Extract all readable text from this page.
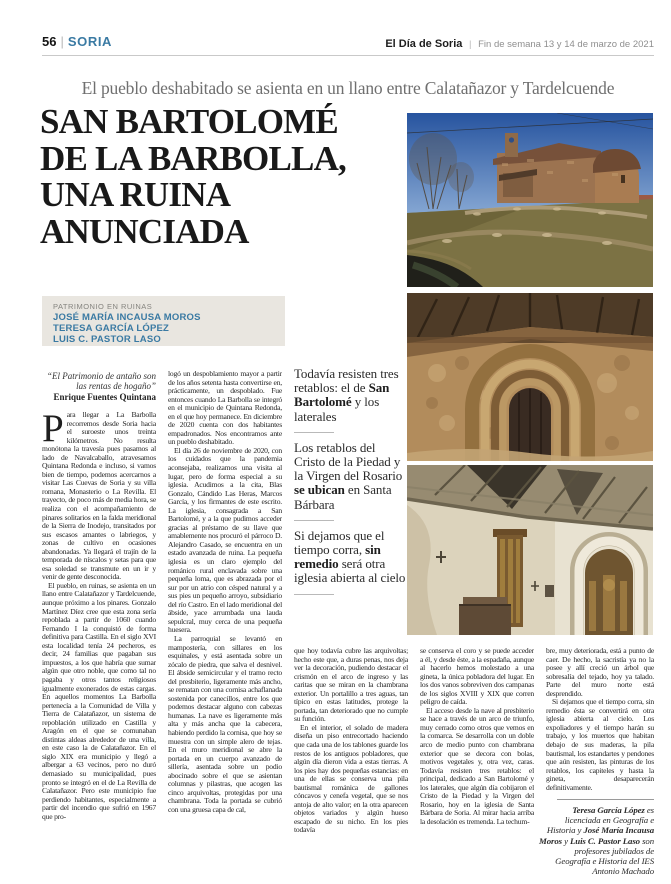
56 | SORIA	El Día de Soria | Fin de semana 13 y 14 de marzo de 2021
El pueblo deshabitado se asienta en un llano entre Calatañazor y Tardelcuende
SAN BARTOLOMÉ
DE LA BARBOLLA,
UNA RUINA
ANUNCIADA
PATRIMONIO EN RUINAS
JOSÉ MARÍA INCAUSA MOROS
TERESA GARCÍA LÓPEZ
LUIS C. PASTOR LASO
“El Patrimonio de antaño son las rentas de hogaño”
Enrique Fuentes Quintana
Todavía resisten tres retablos: el de San Bartolomé y los laterales
Los retablos del Cristo de la Piedad y la Virgen del Rosario se ubican en Santa Bárbara
Si dejamos que el tiempo corra, sin remedio será otra iglesia abierta al cielo

Para llegar a La Barbolla recorremos desde Soria hacia el suroeste unos treinta kilómetros. No resulta monótona la travesía pues pasamos al lado de Navalcaballo, atravesamos Quintana Redonda e incluso, si vamos bien de tiempo, podemos acercarnos a visitar Las Cuevas de Soria y su villa romana, Monasterio o La Revilla. El trayecto, de poco más de media hora, se realiza con el acompañamiento de pinares solitarios en la falda meridional de la Sierra de Inodejo, transitados por sus escasos amantes o labriegos, y zonas de cultivo en ocasiones abandonadas. Ya llegará el trajín de la temporada de níscalos y setas para que esa soledad se transmute en un ir y venir de gente desconocida.

El pueblo, en ruinas, se asienta en un llano entre Calatañazor y Tardelcuende, aunque próximo a los pinares. Gonzalo Martínez Díez cree que esta zona sería repoblada a partir de 1060 cuando Fernando I la conquistó de forma definitiva para Castilla. En el siglo XVI esta localidad tenía 24 pecheros, es decir, 24 familias que pagaban sus impuestos, a los que habría que sumar algún que otro noble, que como tal no pagaba y otros tantos religiosos igualmente exonerados de estas cargas. En aquellos momentos La Barbolla pertenecía a la Comunidad de Villa y Tierra de Calatañazor, un sistema de repoblación utilizado en Castilla y Aragón en el que se comunaban distintas aldeas alrededor de una villa, en este caso la de Calatañazor. En el siglo XIX era municipio y llegó a albergar a 63 vecinos, pero no duró demasiado su municipalidad, pues pronto se integró en el de La Revilla de Calatañazor. Pero este municipio fue perdiendo habitantes, especialmente a partir del incendio que sufrió en 1967 que pro-

logó un despoblamiento mayor a partir de los años setenta hasta convertirse en, prácticamente, un despoblado. Fue entonces cuando La Barbolla se integró en el municipio de Quintana Redonda, en el que hoy permanece. En diciembre de 2020 cuenta con dos habitantes empadronados. Nos encontramos ante un pueblo deshabitado.

El día 26 de noviembre de 2020, con los cuidados que la pandemia aconsejaba, realizamos una visita al lugar, pero de forma especial a su iglesia. Acudimos a la cita, Blas Gonzalo, Cándido Las Heras, Marcos García, y los firmantes de este escrito. La iglesia, consagrada a San Bartolomé, y a la que pudimos acceder gracias al préstamo de su llave que amablemente nos procuró el párroco D. Alejandro Casado, se encuentra en un estado avanzada de ruina. La pequeña iglesia es un claro ejemplo del románico rural enclavada sobre una pequeña loma, que es abrazada por el sur por un atrio con césped natural y a sus pies un pequeño arroyo, subsidiario del río Castro. En el lado meridional del ábside, yace arrumbada una lauda sepulcral, muy cerca de una pequeña huesera.

La parroquial se levantó en mampostería, con sillares en los esquinales, y está asentada sobre un zócalo de piedra, que salva el desnivel. El ábside semicircular y el tramo recto del presbiterio, ligeramente más ancho, se rematan con una cornisa achaflanada sostenida por canecillos, entre los que podemos destacar alguno con cabezas humanas. La nave es ligeramente más alta y más ancha que la cabecera, habiendo perdido la cornisa, que hoy se muestra con un simple alero de tejas. En el muro meridional se abre la portada en un cuerpo avanzado de sillería, asentada sobre un podio abocinado sobre el que se asientan columnas y pilastras, que acogen las cinco arquivoltas, protegidas por una chambrana. Toda la portada se cubrió con una gruesa capa de cal,

que hoy todavía cubre las arquivoltas; hecho este que, a duras penas, nos deja ver la decoración, pudiendo destacar el crismón en el arco de ingreso y las caritas que se miran en la chambrana exterior. Un portalillo a tres aguas, tan típico en estas latitudes, protege la portada, tan deteriorado que no cumple su función.

En el interior, el solado de madera diseña un piso entrecortado haciendo que cada una de los tablones guarde los restos de los antiguos pobladores, que algún día dieron vida a estas tierras. A los pies hay dos pequeñas estancias: en una de ellas se conserva una pila bautismal románica de gallones cóncavos y cenefa vegetal, que se nos antoja de alto valor; en la otra aparecen objetos variados y algún hueso escapado de su nicho. En los pies todavía

se conserva el coro y se puede acceder a él, y desde éste, a la espadaña, aunque al hacerlo hemos molestado a una gineta, la única pobladora del lugar. En los dos vanos sobreviven dos campanas de los siglos XVIII y XIX que corren peligro de caída.

El acceso desde la nave al presbiterio se hace a través de un arco de triunfo, muy cerrado como otros que vemos en la comarca. Se desarrolla con un doble arco de medio punto con chambrana exterior que se decora con bolas, motivos vegetales y, otra vez, caras. Todavía resisten tres retablos: el principal, dedicado a San Bartolomé y los laterales, que algún día cobijaron el Cristo de la Piedad y la Virgen del Rosario, hoy en la iglesia de Santa Bárbara de Soria. Al mirar hacia arriba la desolación es tremenda. La techum-

bre, muy deteriorada, está a punto de caer. De hecho, la sacristía ya no la posee y allí creció un árbol que sobresalía del tejado, hoy ya talado. Parte del muro norte está desprendido.

Si dejamos que el tiempo corra, sin remedio ésta se convertirá en otra iglesia abierta al cielo. Los expoliadores y el tiempo harán su trabajo, y los muertos que habitan debajo de sus maderas, la pila bautismal, los estandartes y pendones que aún resisten, las pinturas de los retablos, los capiteles y hasta la gineta, desaparecerán definitivamente.

Teresa García López es licenciada en Geografía e Historia y José María Incausa Moros y Luis C. Pastor Laso son profesores jubilados de Geografía e Historia del IES Antonio Machado
